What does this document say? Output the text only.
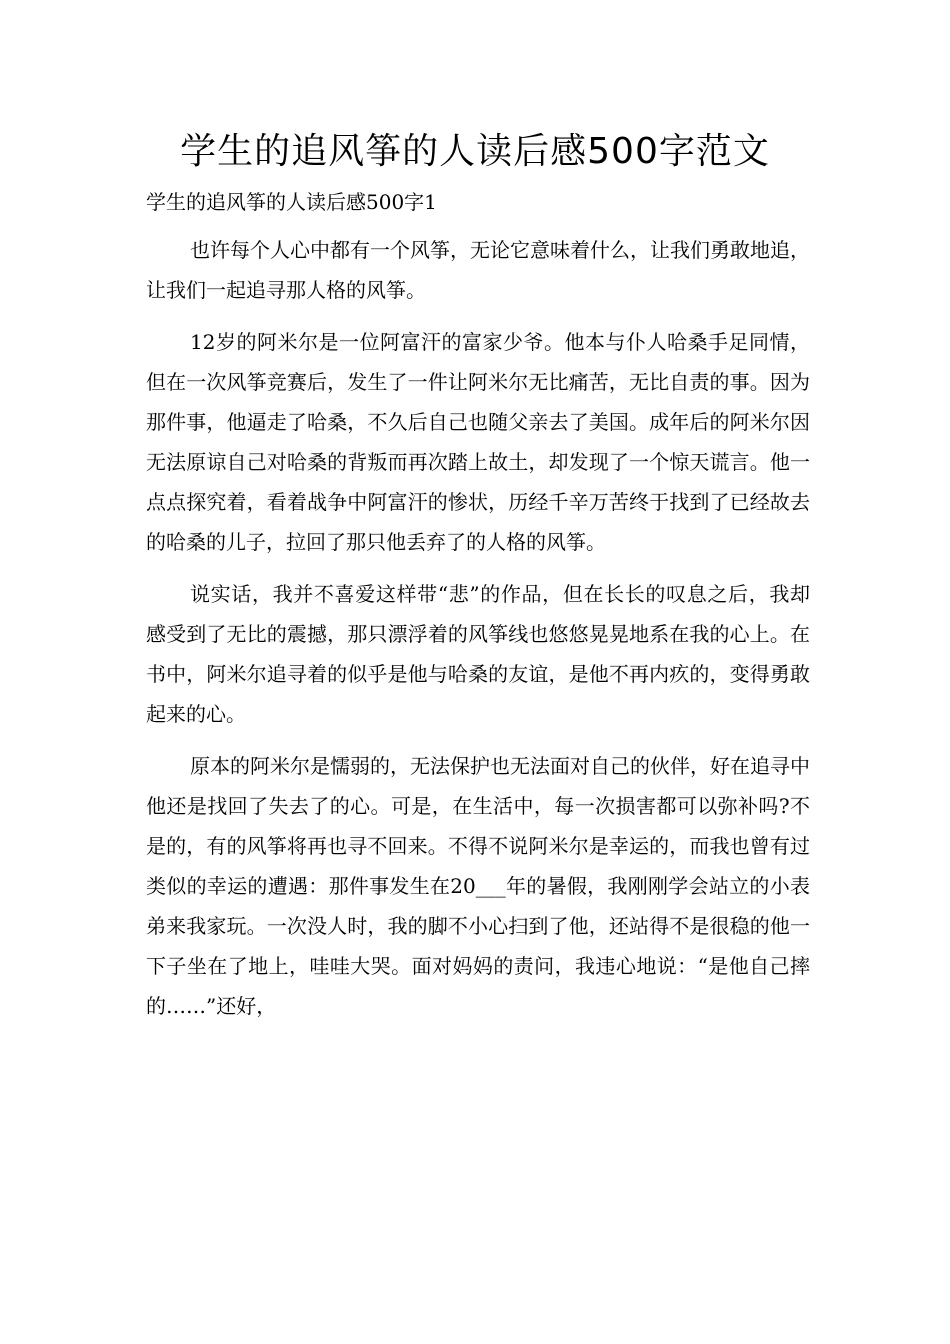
学生的追风筝的人读后感500字范文
学生的追风筝的人读后感500字1

也许每个人心中都有一个风筝，无论它意味着什么，让我们勇敢地追，让我们一起追寻那人格的风筝。

12岁的阿米尔是一位阿富汗的富家少爷。他本与仆人哈桑手足同情，但在一次风筝竞赛后，发生了一件让阿米尔无比痛苦，无比自责的事。因为那件事，他逼走了哈桑，不久后自己也随父亲去了美国。成年后的阿米尔因无法原谅自己对哈桑的背叛而再次踏上故土，却发现了一个惊天谎言。他一点点探究着，看着战争中阿富汗的惨状，历经千辛万苦终于找到了已经故去的哈桑的儿子，拉回了那只他丢弃了的人格的风筝。

说实话，我并不喜爱这样带“悲”的作品，但在长长的叹息之后，我却感受到了无比的震撼，那只漂浮着的风筝线也悠悠晃晃地系在我的心上。在书中，阿米尔追寻着的似乎是他与哈桑的友谊，是他不再内疚的，变得勇敢起来的心。

原本的阿米尔是懦弱的，无法保护也无法面对自己的伙伴，好在追寻中他还是找回了失去了的心。可是，在生活中，每一次损害都可以弥补吗?不是的，有的风筝将再也寻不回来。不得不说阿米尔是幸运的，而我也曾有过类似的幸运的遭遇：那件事发生在20___年的暑假，我刚刚学会站立的小表弟来我家玩。一次没人时，我的脚不小心扫到了他，还站得不是很稳的他一下子坐在了地上，哇哇大哭。面对妈妈的责问，我违心地说：“是他自己摔的……”还好，
